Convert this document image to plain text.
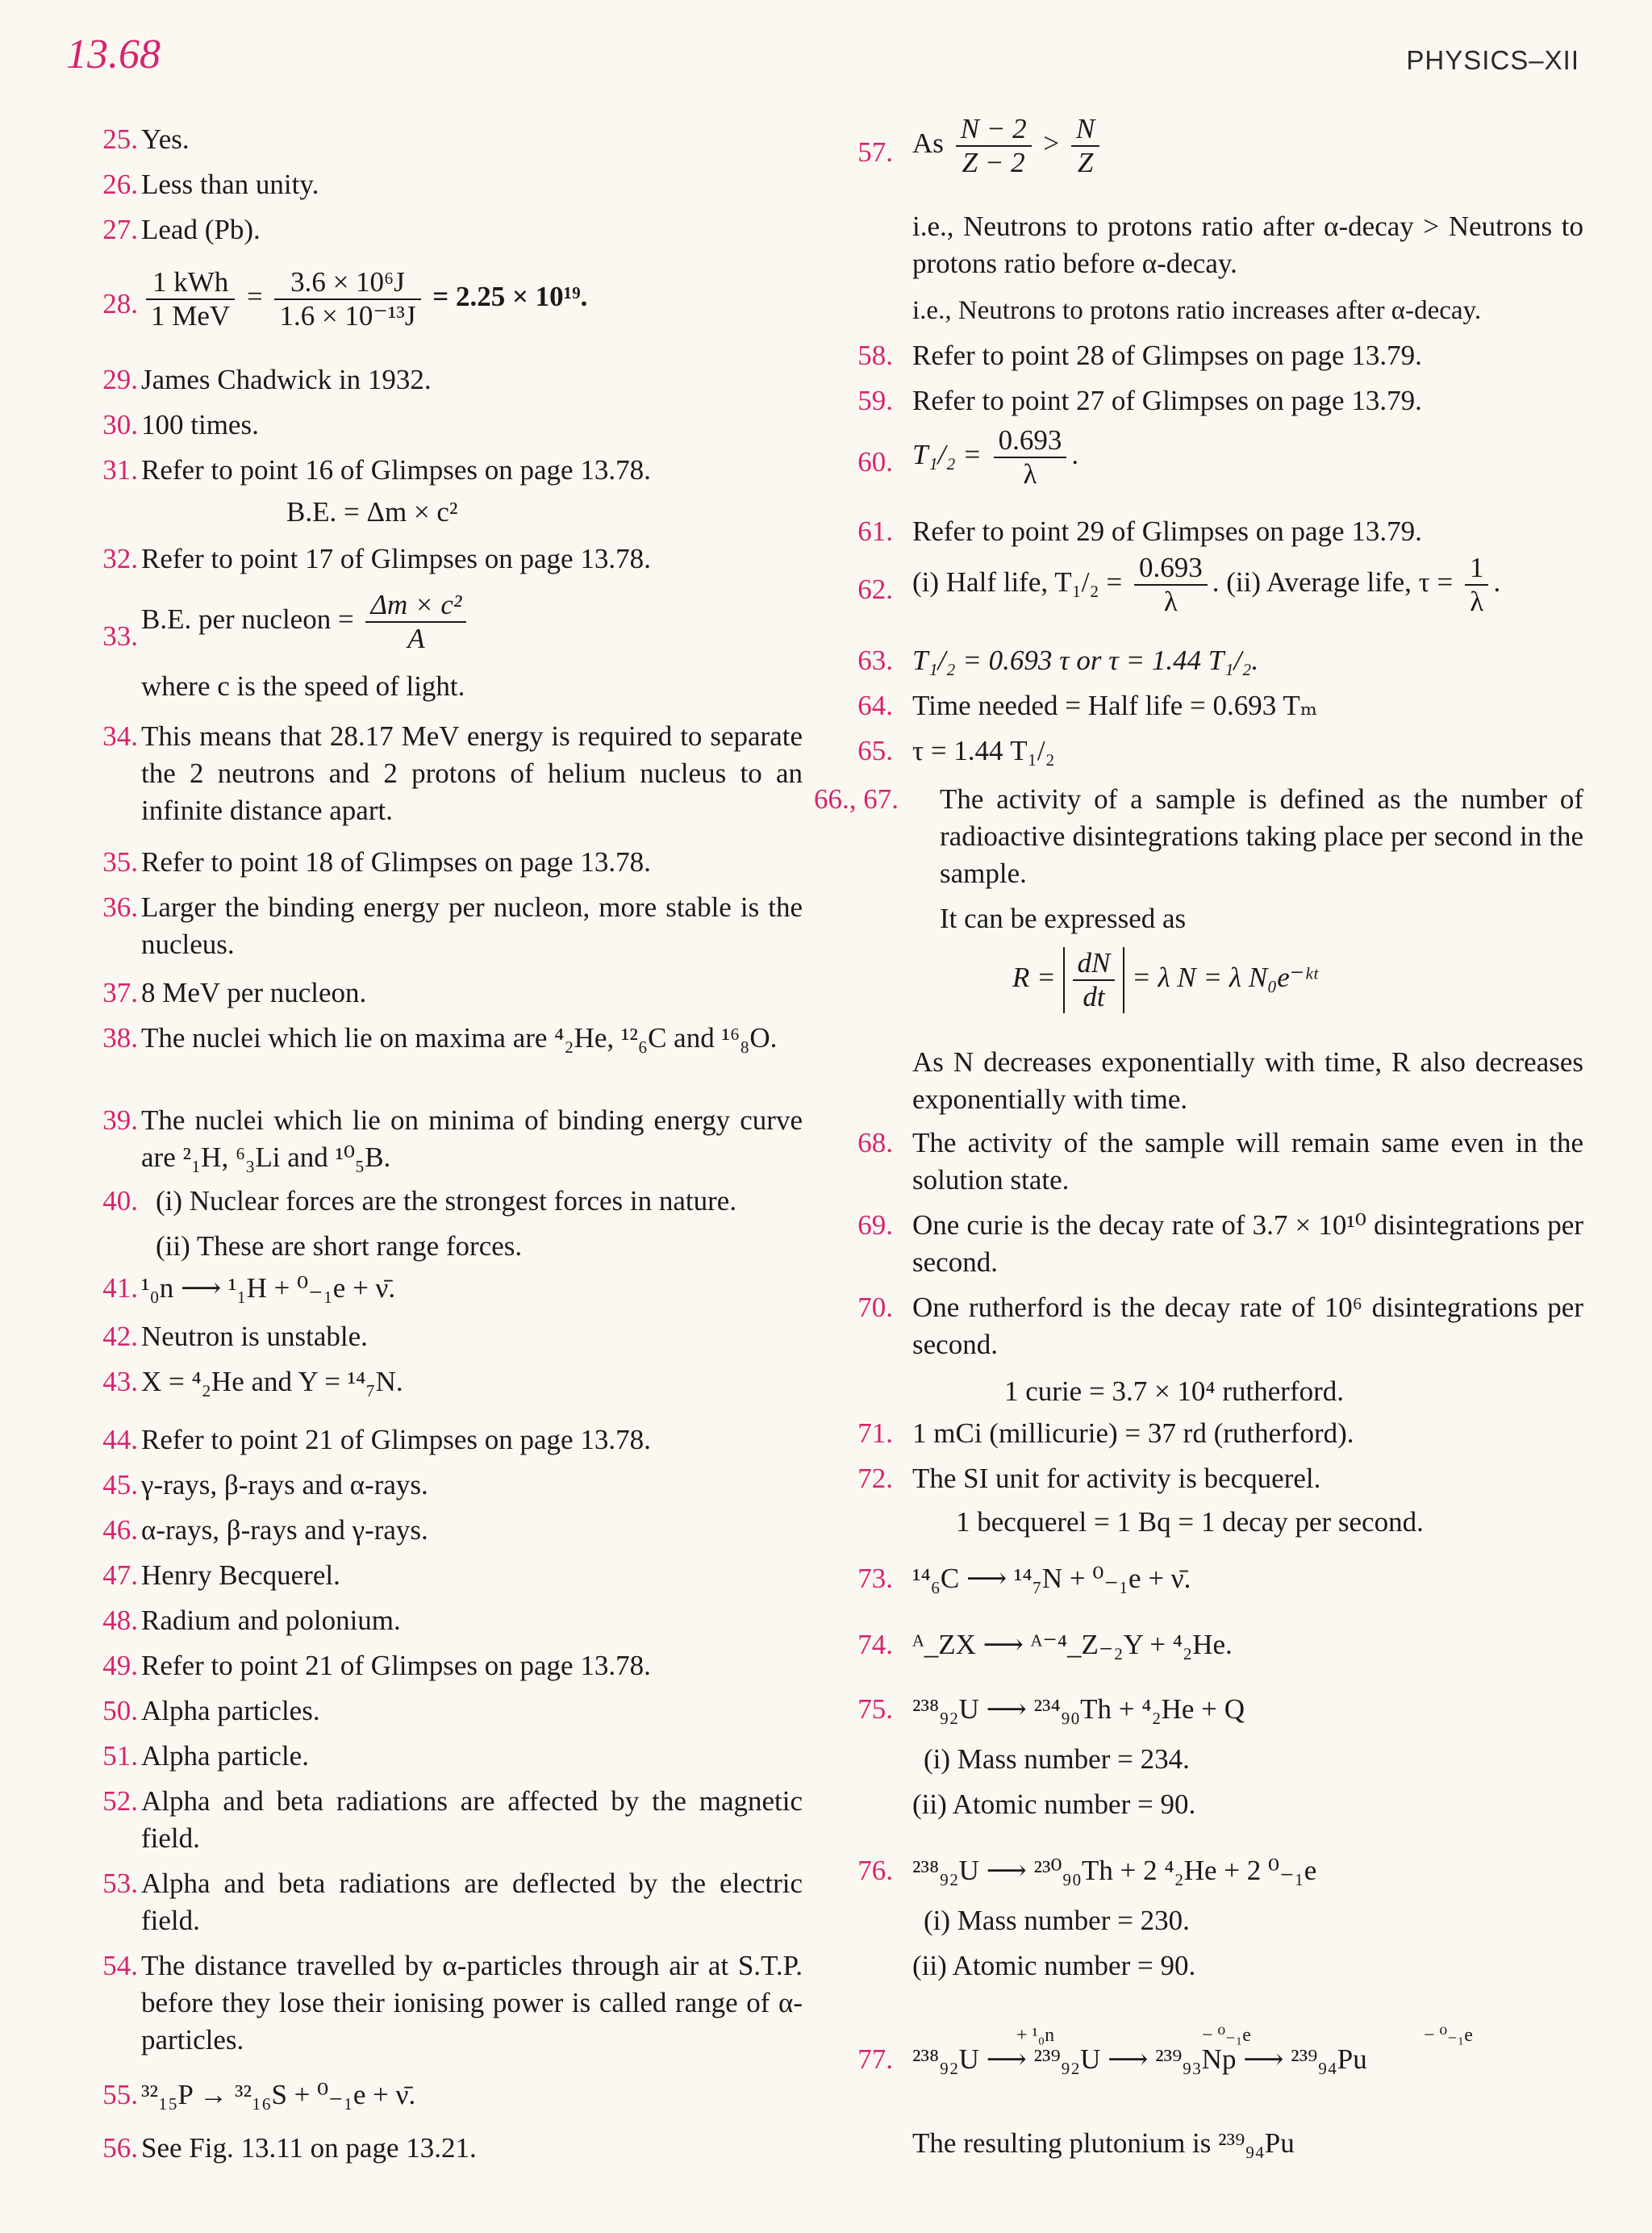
13.68	PHYSICS–XII
25. Yes.
26. Less than unity.
27. Lead (Pb).
28. $\frac{\text{1 kWh}}{\text{1 MeV}} = \frac{\text{3.6 × 10⁶J}}{\text{1.6 × 10⁻¹³J}} = 2.25 \times 10^{19}$.
29. James Chadwick in 1932.
30. 100 times.
31. Refer to point 16 of Glimpses on page 13.78.
B.E. = Δm × c²
32. Refer to point 17 of Glimpses on page 13.78.
33.
B.E. per nucleon = $\frac{\text{Δm × c²}}{A}$
where c is the speed of light.
34. This means that 28.17 MeV energy is required to separate the 2 neutrons and 2 protons of helium nucleus to an infinite distance apart.
35. Refer to point 18 of Glimpses on page 13.78.
36. Larger the binding energy per nucleon, more stable is the nucleus.
37. 8 MeV per nucleon.
38. The nuclei which lie on maxima are ⁴₂He, ¹²₆C and ¹⁶₈O.
39. The nuclei which lie on minima of binding energy curve are ²₁H, ⁶₃Li and ¹⁰₅B.
40. (i) Nuclear forces are the strongest forces in nature.
(ii) These are short range forces.
41. ¹₀n ⟶ ¹₁H + ⁰₋₁e + ν̄.
42. Neutron is unstable.
43. X = ⁴₂He and Y = ¹⁴₇N.
44. Refer to point 21 of Glimpses on page 13.78.
45. γ-rays, β-rays and α-rays.
46. α-rays, β-rays and γ-rays.
47. Henry Becquerel.
48. Radium and polonium.
49. Refer to point 21 of Glimpses on page 13.78.
50. Alpha particles.
51. Alpha particle.
52. Alpha and beta radiations are affected by the magnetic field.
53. Alpha and beta radiations are deflected by the electric field.
54. The distance travelled by α-particles through air at S.T.P. before they lose their ionising power is called range of α-particles.
55. ³²₁₅P → ³²₁₆S + ⁰₋₁e + ν̄.
56. See Fig. 13.11 on page 13.21.
57. As $\frac{N - 2}{Z - 2} > \frac{N}{Z}$
i.e., Neutrons to protons ratio after α-decay > Neutrons to protons ratio before α-decay.
i.e., Neutrons to protons ratio increases after α-decay.
58. Refer to point 28 of Glimpses on page 13.79.
59. Refer to point 27 of Glimpses on page 13.79.
60. $T_1/_2 = \frac{0.693}{\lambda}$ .
61. Refer to point 29 of Glimpses on page 13.79.
62. (i) Half life, $T_1/_2 = \frac{0.693}{\lambda}$ . (ii) Average life, $\tau = \frac{1}{\lambda}$ .
63. T₁/₂ = 0.693 τ or τ = 1.44 T₁/₂.
64. Time needed = Half life = 0.693 Tₘ
65. τ = 1.44 T₁/₂
66., 67. The activity of a sample is defined as the number of radioactive disintegrations taking place per second in the sample.
It can be expressed as
$R = \frac{dN}{dt} = \lambda$ N = λ N₀e⁻ᵏᵗ
As N decreases exponentially with time, R also decreases exponentially with time.
68. The activity of the sample will remain same even in the solution state.
69. One curie is the decay rate of 3.7 × 10¹⁰ disintegrations per second.
70. One rutherford is the decay rate of 10⁶ disintegrations per second.
1 curie = 3.7 × 10⁴ rutherford.
71. 1 mCi (millicurie) = 37 rd (rutherford).
72. The SI unit for activity is becquerel.
1 becquerel = 1 Bq = 1 decay per second.
73. ¹⁴₆C ⟶ ¹⁴₇N + ⁰₋₁e + ν̄.
74. ᴬ_ZX ⟶ ᴬ⁻⁴_Z₋₂Y + ⁴₂He.
75. ²³⁸₉₂U ⟶ ²³⁴₉₀Th + ⁴₂He + Q
(i) Mass number = 234.
(ii) Atomic number = 90.
76. ²³⁸₉₂U ⟶ ²³⁰₉₀Th + 2 ⁴₂He + 2 ⁰₋₁e
(i) Mass number = 230.
(ii) Atomic number = 90.
77.
+ ¹₀n	− ⁰₋₁e	− ⁰₋₁e
²³⁸₉₂U ⟶ ²³⁹₉₂U ⟶ ²³⁹₉₃Np ⟶ ²³⁹₉₄Pu
The resulting plutonium is ²³⁹₉₄Pu
